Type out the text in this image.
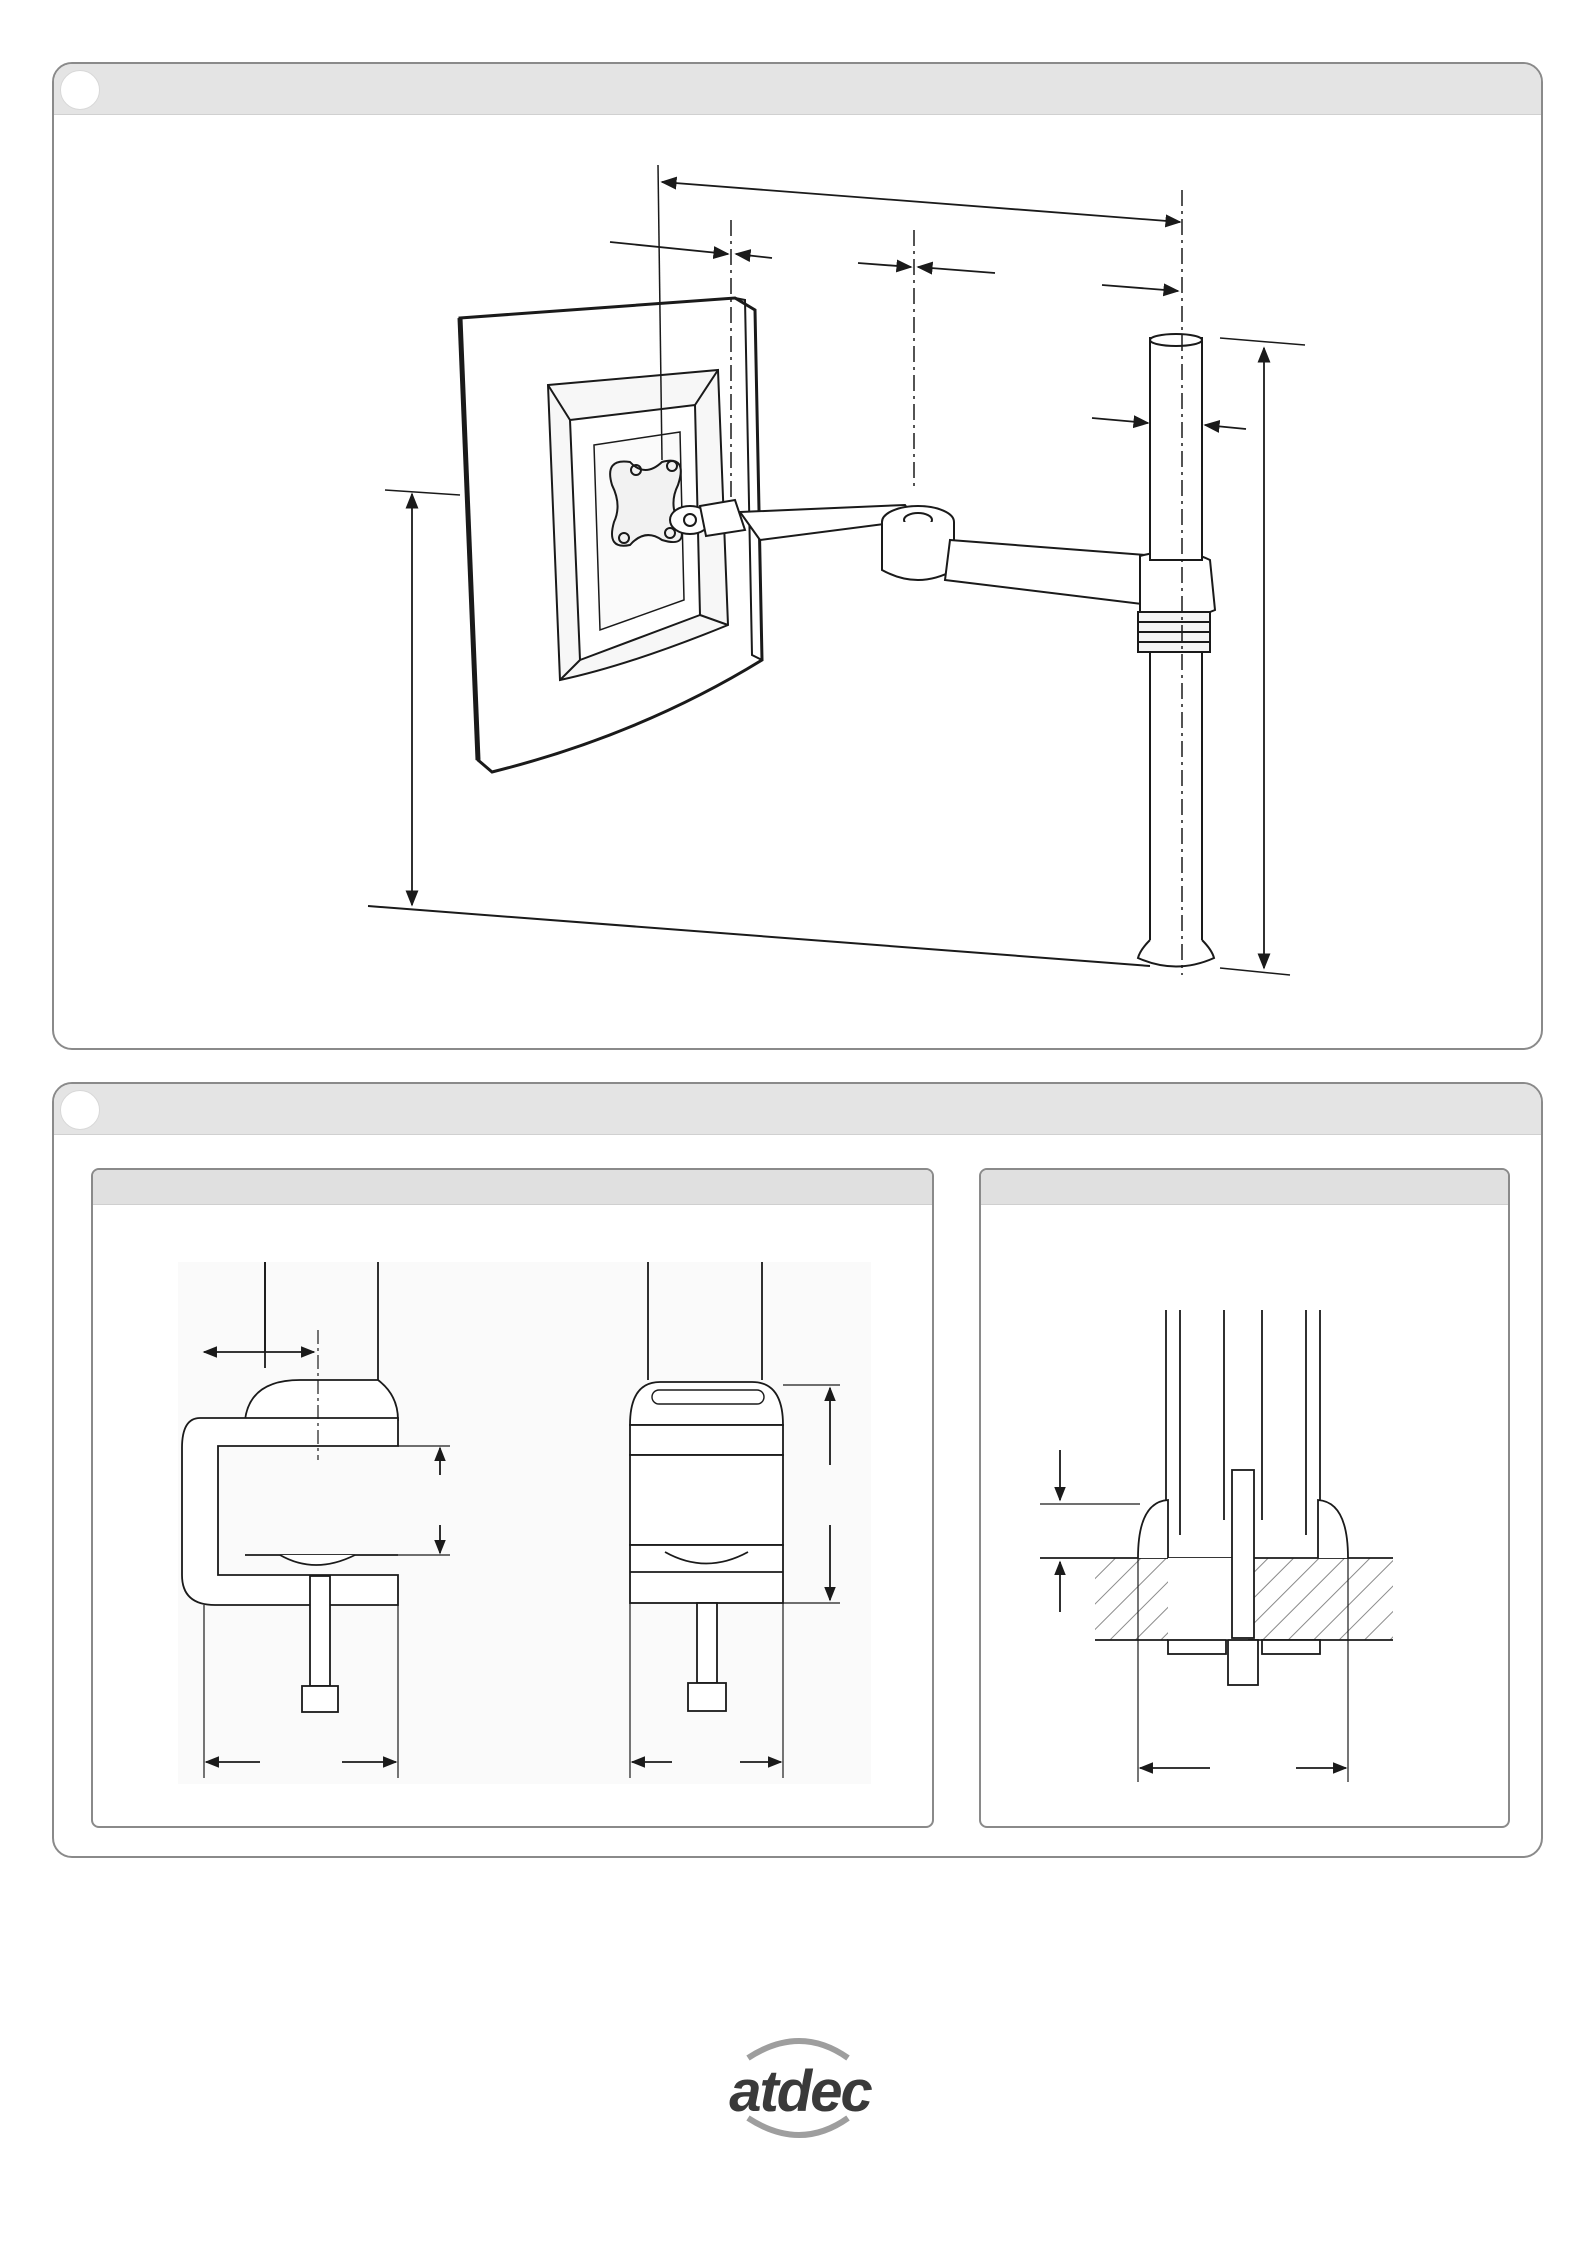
atdec
